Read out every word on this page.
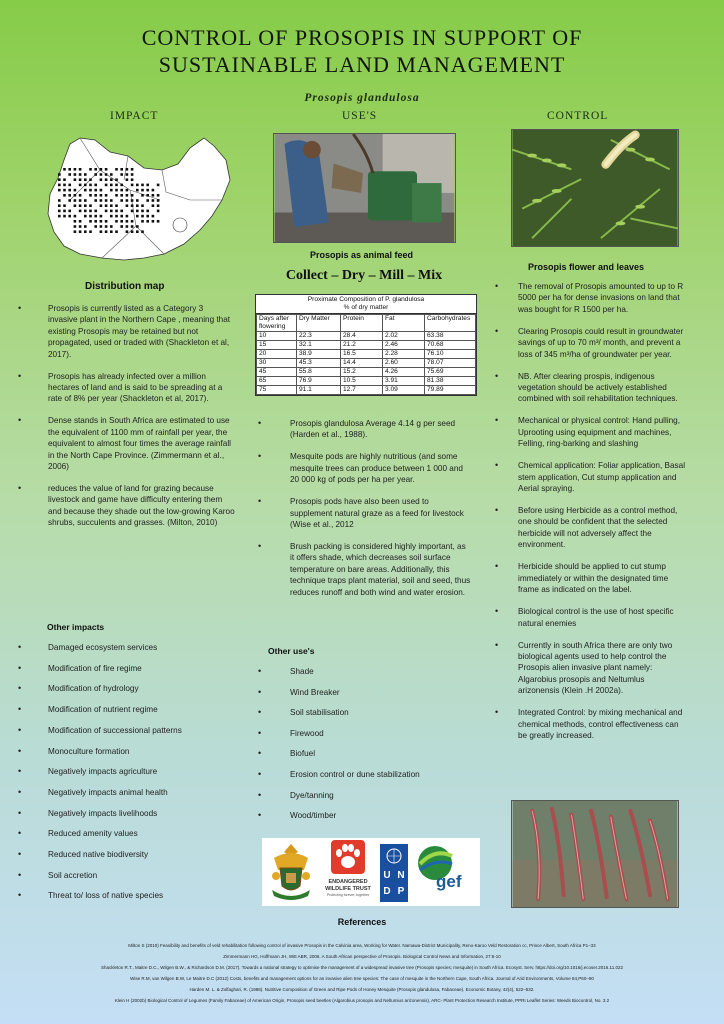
CONTROL OF PROSOPIS IN SUPPORT OF
SUSTAINABLE LAND MANAGEMENT
Prosopis glandulosa
IMPACT	USE'S	CONTROL
Distribution map
• Prosopis is currently listed as a Category 3 invasive plant in the Northern Cape , meaning that existing Prosopis may be retained but not propagated, used or traded with (Shackleton et al, 2017).
• Prosopis has already infected over a million hectares of land and is said to be spreading at a rate of 8% per year (Shackleton et al, 2017).
• Dense stands in South Africa are estimated to use the equivalent of 1100 mm of rainfall per year, the equivalent to almost four times the average rainfall in the North Cape Province. (Zimmermann et al., 2006)
• reduces the value of land for grazing because livestock and game have difficulty entering them and because they shade out the low-growing Karoo shrubs, succulents and grasses. (Milton, 2010)
Other impacts
• Damaged ecosystem services
• Modification of fire regime
• Modification of hydrology
• Modification of nutrient regime
• Modification of successional patterns
• Monoculture formation
• Negatively impacts agriculture
• Negatively impacts animal health
• Negatively impacts livelihoods
• Reduced amenity values
• Reduced native biodiversity
• Soil accretion
• Threat to/ loss of native species
Prosopis as animal feed
Collect – Dry – Mill – Mix
Proximate Composition of P. glandulosa
% of dry matter
Days after flowering	Dry Matter	Protein	Fat	Carbohydrates
10	22.3	28.4	2.02	63.38
15	32.1	21.2	2.46	70.68
20	38.9	16.5	2.28	76.10
30	45.3	14.4	2.60	78.07
45	55.8	15.2	4.26	75.69
65	76.9	10.5	3.91	81.38
75	91.1	12.7	3.09	79.89
• Prosopis glandulosa Average 4.14 g per seed (Harden et al., 1988).
• Mesquite pods are highly nutritious (and some mesquite trees can produce between 1 000 and 20 000 kg of pods per ha per year.
• Prosopis pods have also been used to supplement natural graze as a feed for livestock (Wise et al., 2012
• Brush packing is considered highly important, as it offers shade, which decreases soil surface temperature on bare areas. Additionally, this technique traps plant material, soil and seed, thus reduces runoff and both wind and water erosion.
Other use's
• Shade
• Wind Breaker
• Soil stabilisation
• Firewood
• Biofuel
• Erosion control or dune stabilization
• Dye/tanning
• Wood/timber
ENDANGERED
WILDLIFE TRUST
Protecting forever, together
U N
D P
gef
Prosopis flower and leaves
• The removal of Prosopis amounted to up to R 5000 per ha for dense invasions on land that was bought for R 1500 per ha.
• Clearing Prosopis could result in groundwater savings of up to 70 m³/ month, and prevent a loss of 345 m³/ha of groundwater per year.
• NB. After clearing prospis, indigenous vegetation should be actively established combined with soil rehabilitation techniques.
• Mechanical or physical control: Hand pulling, Uprooting using equipment and machines, Felling, ring-barking and slashing
• Chemical application: Foliar application, Basal stem application, Cut stump application and Aerial spraying.
• Before using Herbicide as a control method, one should be confident that the selected herbicide will not adversely affect the environment.
• Herbicide should be applied to cut stump immediately or within the designated time frame as indicated on the label.
• Biological control is the use of host specific natural enemies
• Currently in south Africa there are only two biological agents used to help control the Prosopis alien invasive plant namely: Algarobius prosopis and Neltumlus arizonensis (Klein .H 2002a).
• Integrated Control: by mixing mechanical and chemical methods, control effectiveness can be greatly increased.
References

Milton S (2010) Feasibility and benefits of veld rehabilitation following control of invasive Prosopis in the Calvinia area, Working for Water. Namawa-District Municipality, Reno-Karoo Veld Restoration cc, Prince Albert, South Africa P1–33

Zimmermann HG, Hoffmann JH, Witt ABR, 2006. A South African perspective of Prosopis. Biological Control News and Information, 27:6-10

Shackleton R.T., Maitre D.C., Wilgen B.W., & Richardson D.M. (2017). Towards a national strategy to optimise the management of a widespread invasive tree (Prosopis species; mesquite) in South Africa. Ecosyst. Serv. https://doi.org/10.1016/j.ecoser.2016.11.022

Wise R.M, van Wilgen B.W, Le Maitre D.C (2012) Costs, benefits and management options for an invasive alien tree species: The case of mesquite in the Northern Cape, South Africa. Journal of Arid Environments, Volume 84,P60–90

Harden M. L. & Zolfaghari, R. (1988). Nutritive Composition of Green and Ripe Pods of Honey Mesquite (Prosopis glandulosa, Fabaceae). Economic Botany, 42(4), 522–532.

Klein H (2002b) Biological Control of Legumes (Family Fabaceae) of American Origin, Prosopis seed beetles (Algarobius prosopis and Neltumius arizonensis), ARC- Plant Protection Research Institute, PPRI Leaflet Series: Weeds Biocontrol, No. 3.2
